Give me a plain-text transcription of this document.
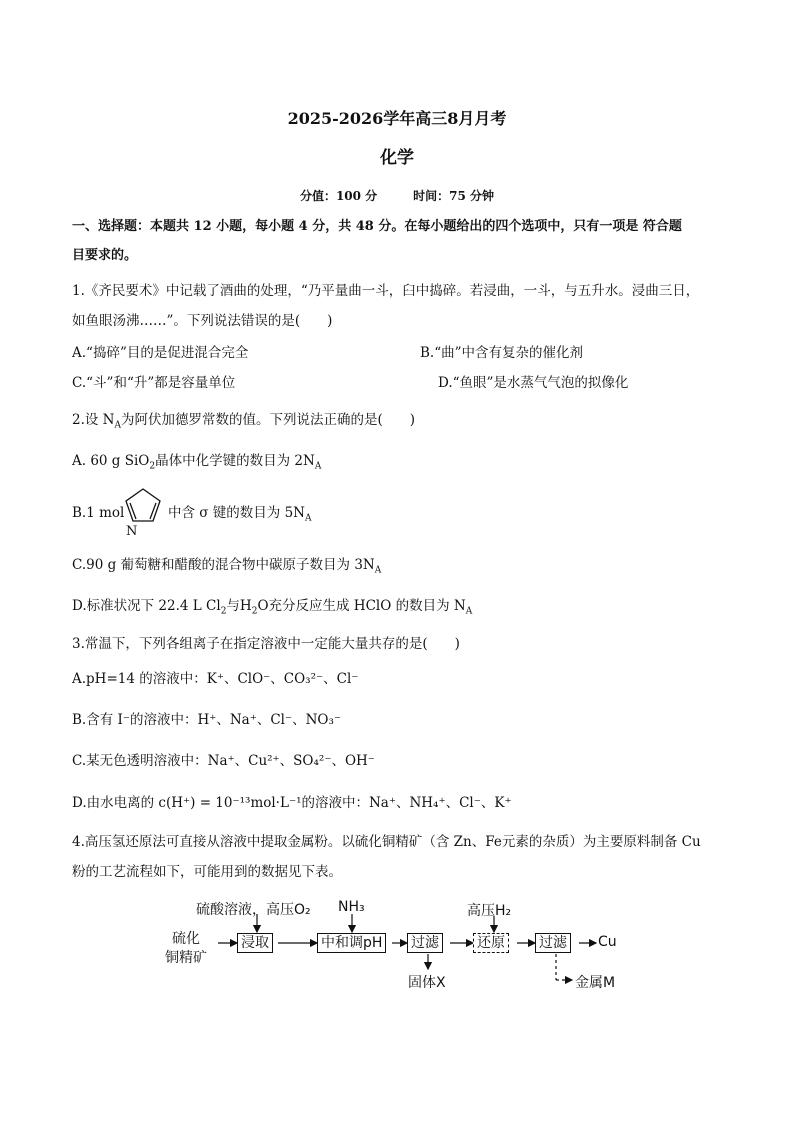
2025-2026学年高三8月月考
化学
分值：100 分　　　时间：75 分钟
一、选择题：本题共 12 小题，每小题 4 分，共 48 分。在每小题给出的四个选项中，只有一项是 符合题
目要求的。
1.《齐民要术》中记载了酒曲的处理，“乃平量曲一斗，臼中捣碎。若浸曲，一斗，与五升水。浸曲三日，
如鱼眼汤沸……”。下列说法错误的是(　　)
A.“捣碎”目的是促进混合完全	B.“曲”中含有复杂的催化剂
C.“斗”和“升”都是容量单位	D.“鱼眼”是水蒸气气泡的拟像化
2.设 $N_A$为阿伏加德罗常数的值。下列说法正确的是(　　)
A. 60 g SiO$_2$晶体中化学键的数目为 $2N_A$
B.1 mol
N
中含 σ 键的数目为 $5N_A$
C.90 g 葡萄糖和醋酸的混合物中碳原子数目为 $3N_A$
D.标准状况下 22.4 L $Cl_2$与$H_2O$充分反应生成 HClO 的数目为 $N_A$
3.常温下，下列各组离子在指定溶液中一定能大量共存的是(　　)
A.pH=14 的溶液中：K⁺、ClO⁻、CO₃²⁻、Cl⁻
B.含有 I⁻的溶液中：H⁺、Na⁺、Cl⁻、NO₃⁻
C.某无色透明溶液中：Na⁺、Cu²⁺、SO₄²⁻、OH⁻
D.由水电离的 c(H⁺) = 10⁻¹³mol·L⁻¹的溶液中：Na⁺、NH₄⁺、Cl⁻、K⁺
4.高压氢还原法可直接从溶液中提取金属粉。以硫化铜精矿（含 Zn、Fe元素的杂质）为主要原料制备 Cu
粉的工艺流程如下，可能用到的数据见下表。
硫化
铜精矿
硫酸溶液，高压O₂ NH₃	高压H₂
浸取	中和调pH 过滤	还原 过滤 Cu
固体X	金属M
